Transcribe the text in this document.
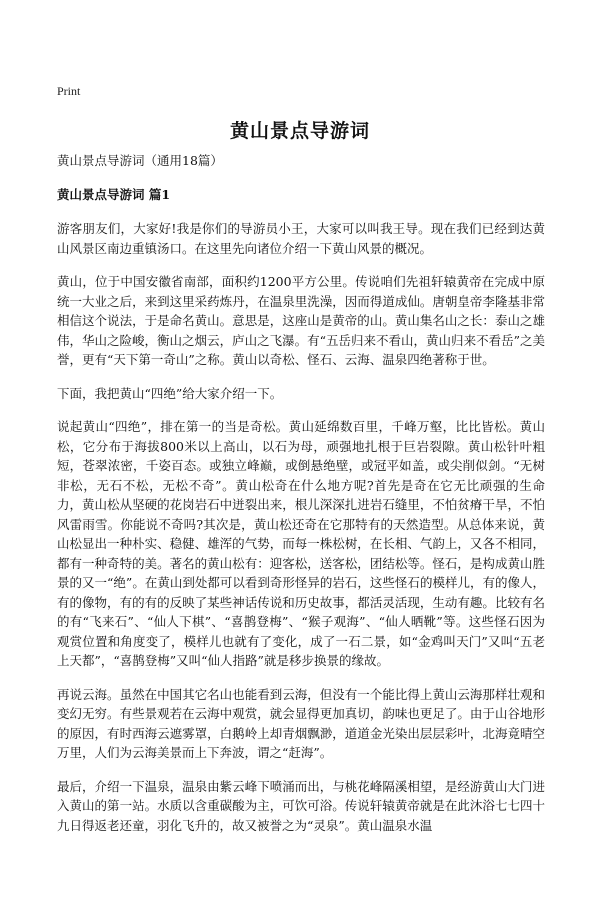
Print
黄山景点导游词

黄山景点导游词（通用18篇）

黄山景点导游词 篇1

游客朋友们，大家好!我是你们的导游员小王，大家可以叫我王导。现在我们已经到达黄山风景区南边重镇汤口。在这里先向诸位介绍一下黄山风景的概况。

黄山，位于中国安徽省南部，面积约1200平方公里。传说咱们先祖轩辕黄帝在完成中原统一大业之后，来到这里采药炼丹，在温泉里洗澡，因而得道成仙。唐朝皇帝李隆基非常相信这个说法，于是命名黄山。意思是，这座山是黄帝的山。黄山集名山之长：泰山之雄伟，华山之险峻，衡山之烟云，庐山之飞瀑。有“五岳归来不看山，黄山归来不看岳”之美誉，更有“天下第一奇山”之称。黄山以奇松、怪石、云海、温泉四绝著称于世。

下面，我把黄山“四绝”给大家介绍一下。

说起黄山“四绝”，排在第一的当是奇松。黄山延绵数百里，千峰万壑，比比皆松。黄山松，它分布于海拔800米以上高山，以石为母，顽强地扎根于巨岩裂隙。黄山松针叶粗短，苍翠浓密，千姿百态。或独立峰巅，或倒悬绝壁，或冠平如盖，或尖削似剑。“无树非松，无石不松，无松不奇”。黄山松奇在什么地方呢?首先是奇在它无比顽强的生命力，黄山松从坚硬的花岗岩石中迸裂出来，根儿深深扎进岩石缝里，不怕贫瘠干旱，不怕风雷雨雪。你能说不奇吗?其次是，黄山松还奇在它那特有的天然造型。从总体来说，黄山松显出一种朴实、稳健、雄浑的气势，而每一株松树，在长相、气韵上，又各不相同，都有一种奇特的美。著名的黄山松有：迎客松，送客松，团结松等。怪石，是构成黄山胜景的又一“绝”。在黄山到处都可以看到奇形怪异的岩石，这些怪石的模样儿，有的像人，有的像物，有的有的反映了某些神话传说和历史故事，都活灵活现，生动有趣。比较有名的有“飞来石”、“仙人下棋”、“喜鹊登梅”、“猴子观海”、“仙人晒靴”等。这些怪石因为观赏位置和角度变了，模样儿也就有了变化，成了一石二景，如“金鸡叫天门”又叫“五老上天都”，“喜鹊登梅”又叫“仙人指路”就是移步换景的缘故。

再说云海。虽然在中国其它名山也能看到云海，但没有一个能比得上黄山云海那样壮观和变幻无穷。有些景观若在云海中观赏，就会显得更加真切，韵味也更足了。由于山谷地形的原因，有时西海云遮雾罩，白鹅岭上却青烟飘渺，道道金光染出层层彩叶，北海竟晴空万里，人们为云海美景而上下奔波，谓之“赶海”。

最后，介绍一下温泉，温泉由紫云峰下喷涌而出，与桃花峰隔溪相望，是经游黄山大门进入黄山的第一站。水质以含重碳酸为主，可饮可浴。传说轩辕黄帝就是在此沐浴七七四十九日得返老还童，羽化飞升的，故又被誉之为“灵泉”。黄山温泉水温
